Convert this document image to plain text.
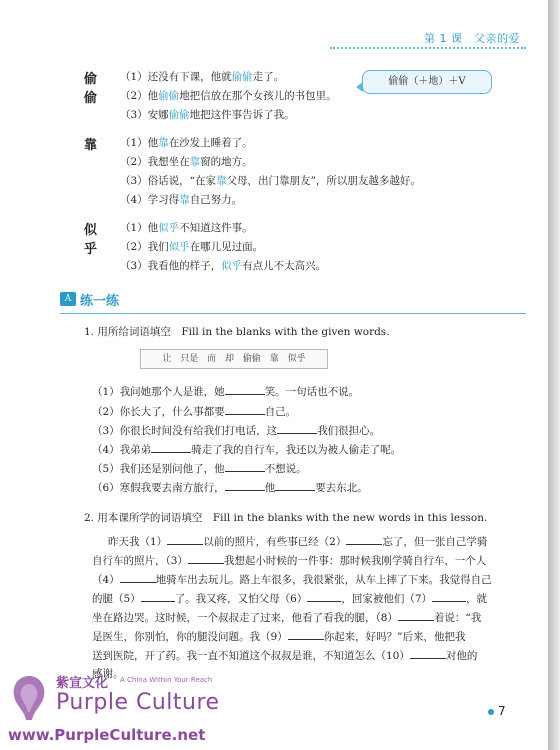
第 1 课　父亲的爱
偷偷
（1）还没有下课，他就偷偷走了。
（2）他偷偷地把信放在那个女孩儿的书包里。
（3）安娜偷偷地把这件事告诉了我。
偷偷（＋地）＋V
靠 （1）他靠在沙发上睡着了。
（2）我想坐在靠窗的地方。
（3）俗话说，“在家靠父母，出门靠朋友”，所以朋友越多越好。
（4）学习得靠自己努力。
似乎
（1）他似乎不知道这件事。
（2）我们似乎在哪儿见过面。
（3）我看他的样子，似乎有点儿不太高兴。
A 练一练
1. 用所给词语填空　Fill in the blanks with the given words.
让 只是 而 却 偷偷 靠 似乎
（1）我问她那个人是谁，她	笑。一句话也不说。
（2）你长大了，什么事都要	自己。
（3）你很长时间没有给我们打电话，这	我们很担心。
（4）我弟弟	骑走了我的自行车，我还以为被人偷走了呢。
（5）我们还是别问他了，他	不想说。
（6）寒假我要去南方旅行，	他	要去东北。
2. 用本课所学的词语填空　Fill in the blanks with the new words in this lesson.
昨天我（1）	以前的照片，有些事已经（2）	忘了，但一张自己学骑
自行车的照片，（3）	我想起小时候的一件事：那时候我刚学骑自行车，一个人
（4）	地骑车出去玩儿。路上车很多，我很紧张，从车上摔了下来。我觉得自己
的腿（5）	了。我又疼，又怕父母（6）	，回家被他们（7）	，就
坐在路边哭。这时候，一个叔叔走了过来，他看了看我的腿，（8）	着说：“我
是医生，你别怕，你的腿没问题。我（9）	你起来，好吗？”后来，他把我
送到医院，开了药。我一直不知道这个叔叔是谁，不知道怎么（10）	对他的
感谢。
7
紫宣文化 A China Within Your Reach
Purple Culture
www.PurpleCulture.net
